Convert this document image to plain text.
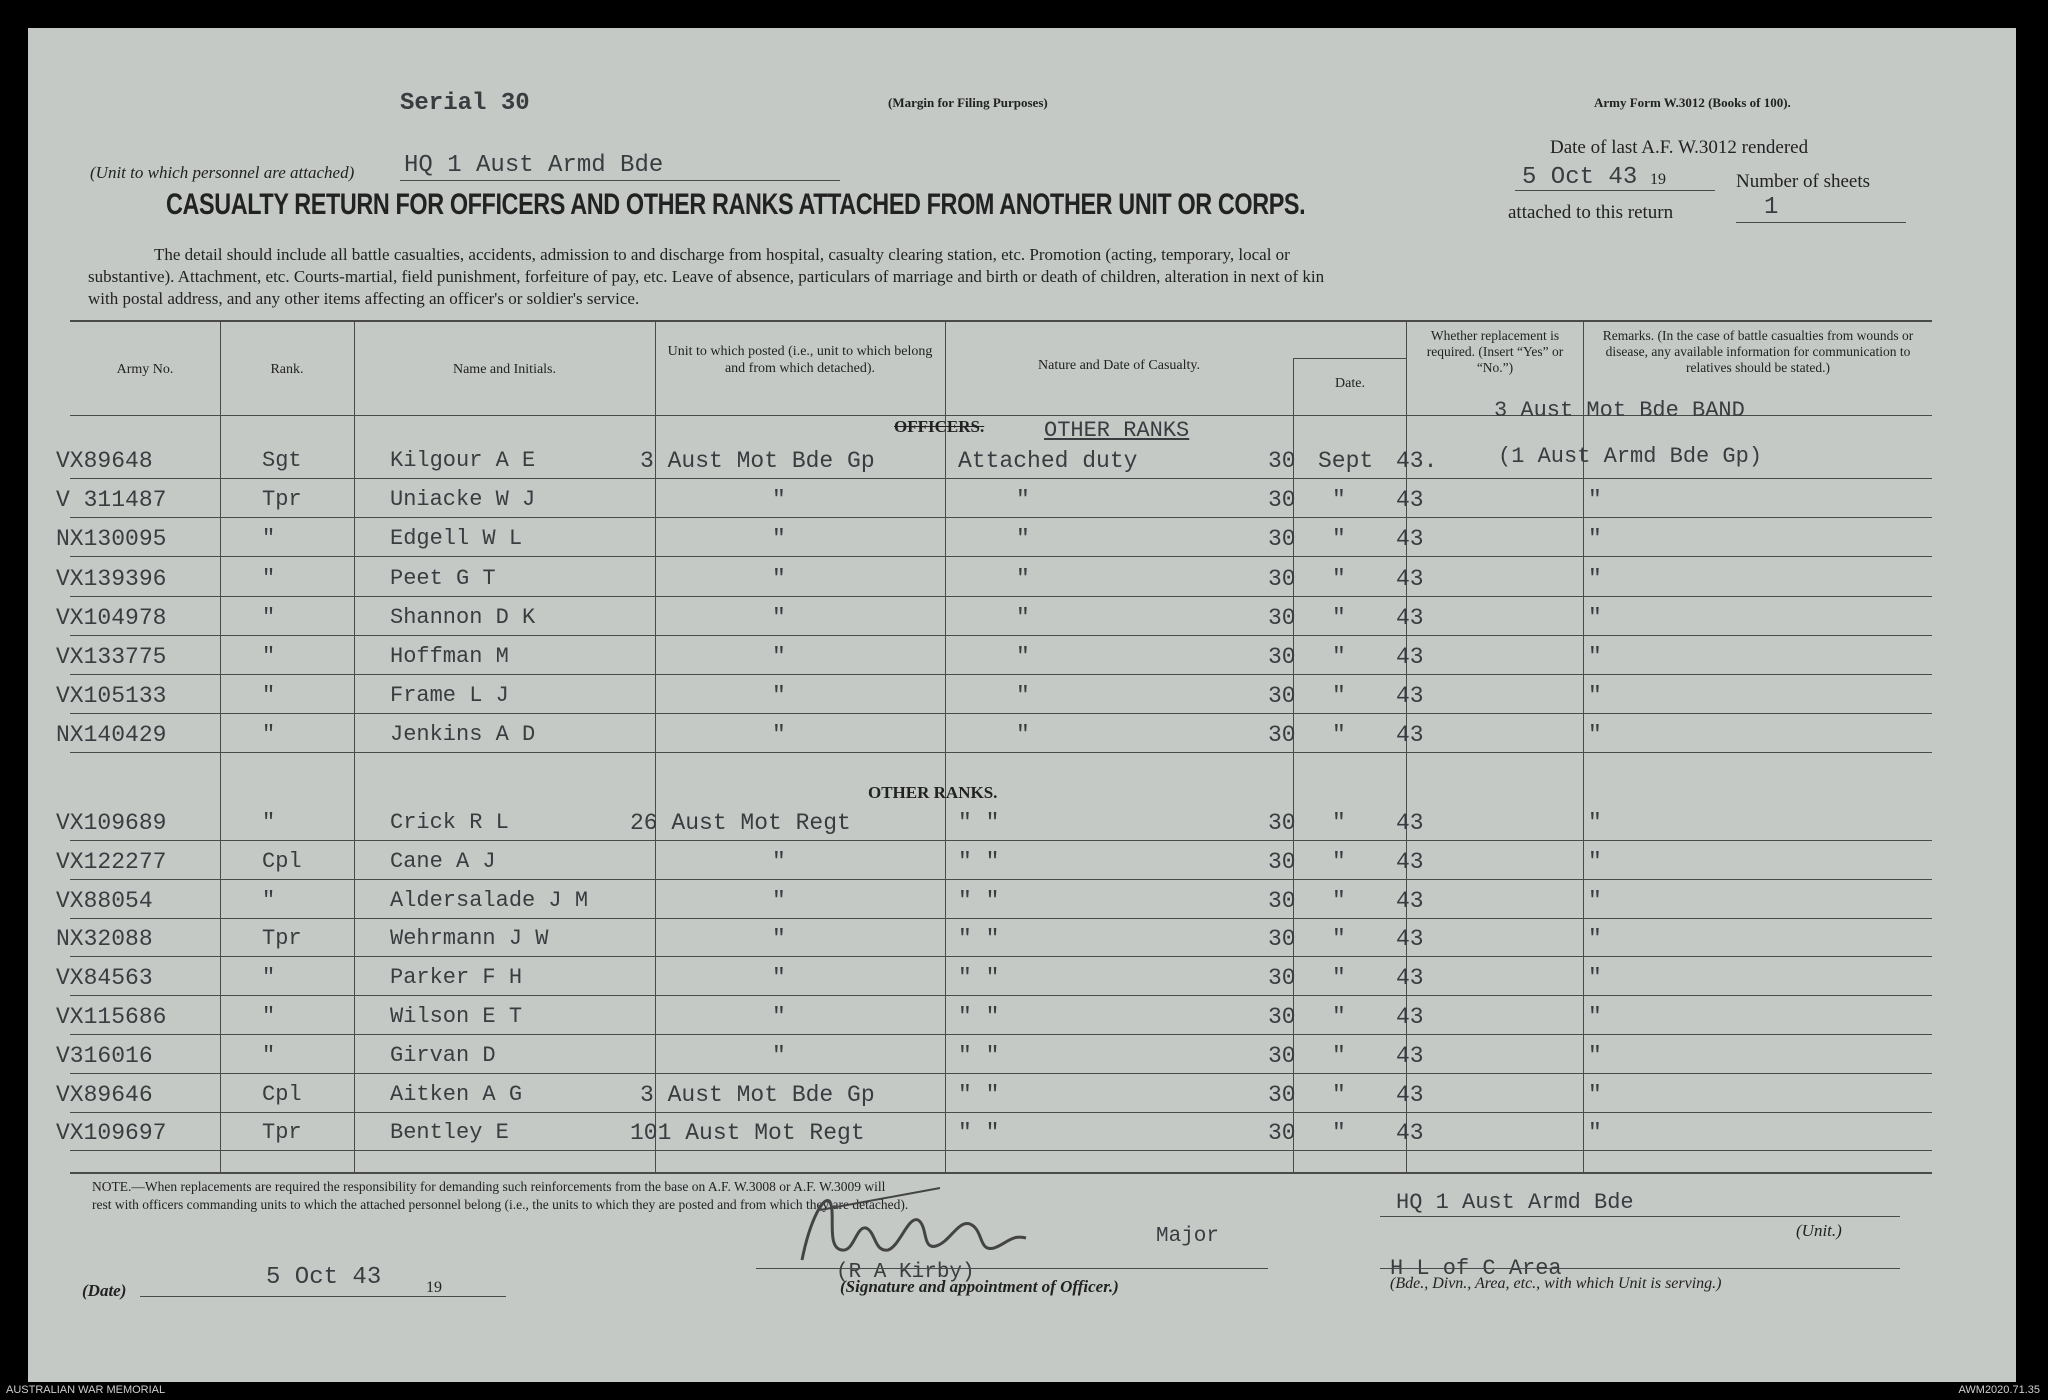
Serial 30	(Margin for Filing Purposes)	Army Form W.3012 (Books of 100).
Date of last A.F. W.3012 rendered
5 Oct 43 19	Number of sheets
attached to this return	1
(Unit to which personnel are attached) HQ 1 Aust Armd Bde
CASUALTY RETURN FOR OFFICERS AND OTHER RANKS ATTACHED FROM ANOTHER UNIT OR CORPS.
The detail should include all battle casualties, accidents, admission to and discharge from hospital, casualty clearing station, etc. Promotion (acting, temporary, local or
substantive). Attachment, etc. Courts-martial, field punishment, forfeiture of pay, etc. Leave of absence, particulars of marriage and birth or death of children, alteration in next of kin
with postal address, and any other items affecting an officer's or soldier's service.
Army No.	Rank.	Name and Initials.
Unit to which posted (i.e., unit to which belong and from which detached).	Nature and Date of Casualty.
Date.
Whether replacement is required. (Insert “Yes” or “No.”)
Remarks. (In the case of battle casualties from wounds or disease, any available information for communication to relatives should be stated.)
OFFICERS.	OTHER RANKS
3 Aust Mot Bde BAND
(1 Aust Armd Bde Gp)
VX89648	Sgt	Kilgour A E	3 Aust Mot Bde Gp	Attached duty	30 Sept 43.
V 311487	Tpr	Uniacke W J	"	"	30 " 43	"
NX130095	"	Edgell W L	"	"	30 " 43	"
VX139396	"	Peet G T	"	"	30 " 43	"
VX104978	"	Shannon D K	"	"	30 " 43	"
VX133775	"	Hoffman M	"	"	30 " 43	"
VX105133	"	Frame L J	"	"	30 " 43	"
NX140429	"	Jenkins A D	"	"	30 " 43	"
OTHER RANKS.
VX109689	"	Crick R L	26 Aust Mot Regt	" "	30 " 43	"
VX122277	Cpl	Cane A J	"	" "	30 " 43	"
VX88054	"	Aldersalade J M	"	" "	30 " 43	"
NX32088	Tpr	Wehrmann J W	"	" "	30 " 43	"
VX84563	"	Parker F H	"	" "	30 " 43	"
VX115686	"	Wilson E T	"	" "	30 " 43	"
V316016	"	Girvan D	"	" "	30 " 43	"
VX89646	Cpl	Aitken A G	3 Aust Mot Bde Gp	" "	30 " 43	"
VX109697	Tpr	Bentley E	101 Aust Mot Regt	" "	30 " 43	"
NOTE.—When replacements are required the responsibility for demanding such reinforcements from the base on A.F. W.3008 or A.F. W.3009 will
rest with officers commanding units to which the attached personnel belong (i.e., the units to which they are posted and from which they are detached).
Major
(R A Kirby)
(Signature and appointment of Officer.)
(Date)	5 Oct 43	19
HQ 1 Aust Armd Bde
(Unit.)
H L of C Area
(Bde., Divn., Area, etc., with which Unit is serving.)
AUSTRALIAN WAR MEMORIAL	AWM2020.71.35
